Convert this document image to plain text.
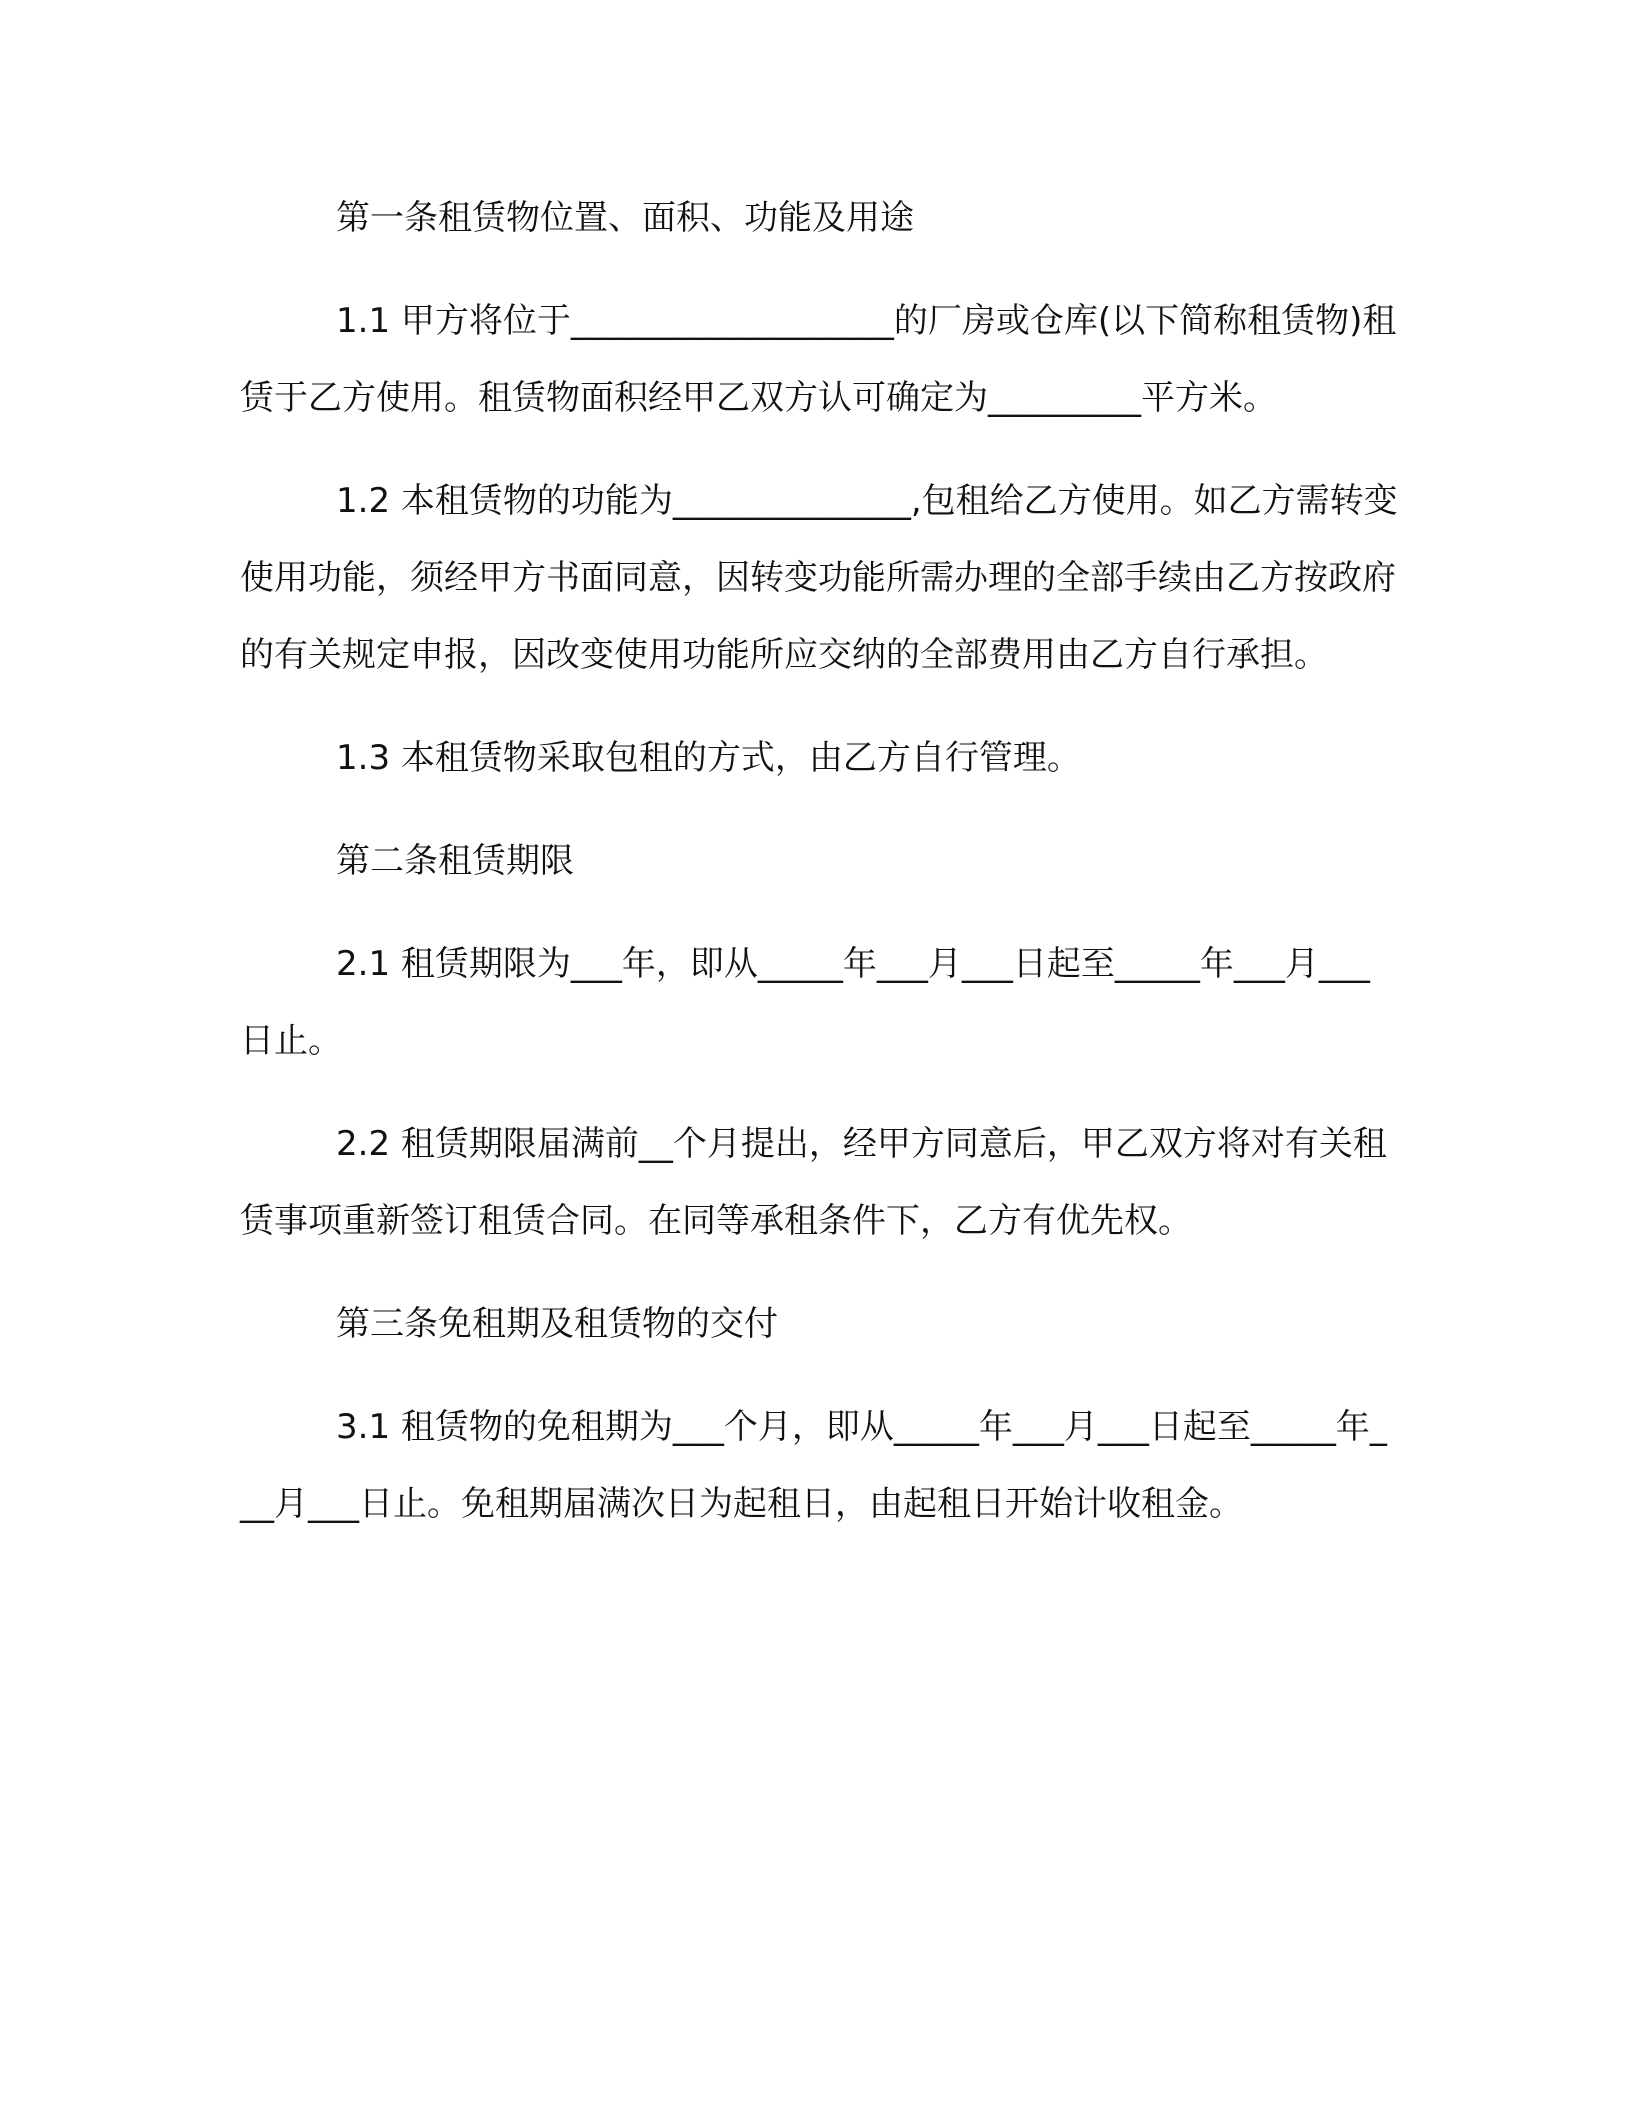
第一条租赁物位置、面积、功能及用途

1.1 甲方将位于___________________的厂房或仓库(以下简称租赁物)租赁于乙方使用。租赁物面积经甲乙双方认可确定为_________平方米。

1.2 本租赁物的功能为______________,包租给乙方使用。如乙方需转变使用功能，须经甲方书面同意，因转变功能所需办理的全部手续由乙方按政府的有关规定申报，因改变使用功能所应交纳的全部费用由乙方自行承担。

1.3 本租赁物采取包租的方式，由乙方自行管理。

第二条租赁期限

2.1 租赁期限为___年，即从_____年___月___日起至_____年___月___日止。

2.2 租赁期限届满前__个月提出，经甲方同意后，甲乙双方将对有关租赁事项重新签订租赁合同。在同等承租条件下，乙方有优先权。

第三条免租期及租赁物的交付

3.1 租赁物的免租期为___个月，即从_____年___月___日起至_____年___月___日止。免租期届满次日为起租日，由起租日开始计收租金。
